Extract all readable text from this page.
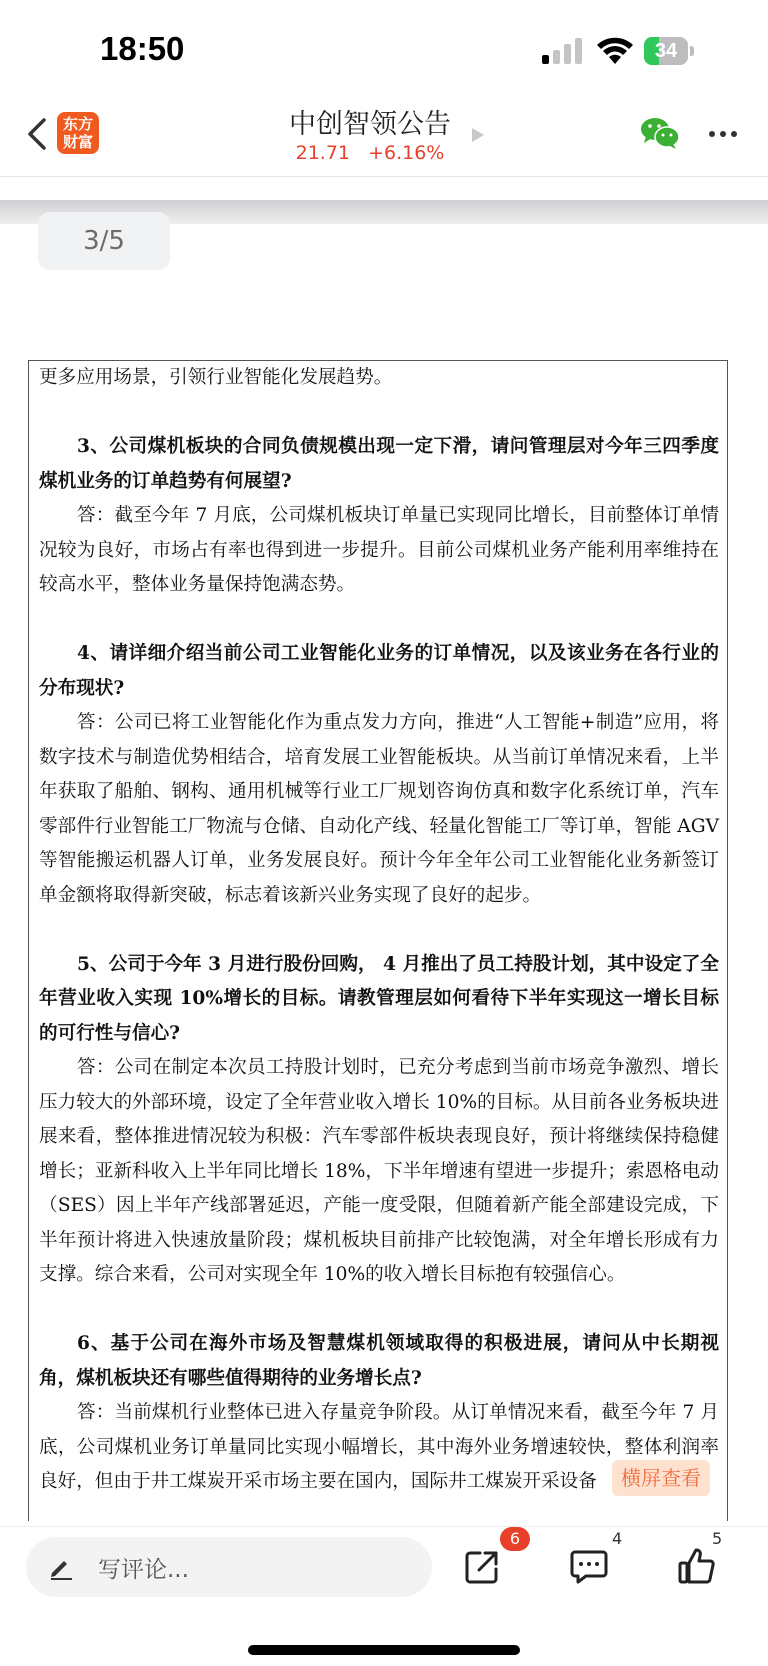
18:50	34
东方
财富
中创智领公告
21.71 +6.16%
3/5

更多应用场景，引领行业智能化发展趋势。

3、公司煤机板块的合同负债规模出现一定下滑，请问管理层对今年三四季度煤机业务的订单趋势有何展望?

答：截至今年 7 月底，公司煤机板块订单量已实现同比增长，目前整体订单情况较为良好，市场占有率也得到进一步提升。目前公司煤机业务产能利用率维持在较高水平，整体业务量保持饱满态势。

4、请详细介绍当前公司工业智能化业务的订单情况，以及该业务在各行业的分布现状?

答：公司已将工业智能化作为重点发力方向，推进“人工智能+制造”应用，将数字技术与制造优势相结合，培育发展工业智能板块。从当前订单情况来看，上半年获取了船舶、钢构、通用机械等行业工厂规划咨询仿真和数字化系统订单，汽车零部件行业智能工厂物流与仓储、自动化产线、轻量化智能工厂等订单，智能 AGV 等智能搬运机器人订单，业务发展良好。预计今年全年公司工业智能化业务新签订单金额将取得新突破，标志着该新兴业务实现了良好的起步。

5、公司于今年 3 月进行股份回购， 4 月推出了员工持股计划，其中设定了全年营业收入实现 10%增长的目标。请教管理层如何看待下半年实现这一增长目标的可行性与信心?

答：公司在制定本次员工持股计划时，已充分考虑到当前市场竞争激烈、增长压力较大的外部环境，设定了全年营业收入增长 10%的目标。从目前各业务板块进展来看，整体推进情况较为积极：汽车零部件板块表现良好，预计将继续保持稳健增长；亚新科收入上半年同比增长 18%，下半年增速有望进一步提升；索恩格电动（SES）因上半年产线部署延迟，产能一度受限，但随着新产能全部建设完成，下半年预计将进入快速放量阶段；煤机板块目前排产比较饱满，对全年增长形成有力支撑。综合来看，公司对实现全年 10%的收入增长目标抱有较强信心。

6、基于公司在海外市场及智慧煤机领域取得的积极进展，请问从中长期视角，煤机板块还有哪些值得期待的业务增长点?

答：当前煤机行业整体已进入存量竞争阶段。从订单情况来看，截至今年 7 月底，公司煤机业务订单量同比实现小幅增长，其中海外业务增速较快，整体利润率良好，但由于井工煤炭开采市场主要在国内，国际井工煤炭开采设备	横屏查看
写评论...
6	4	5
